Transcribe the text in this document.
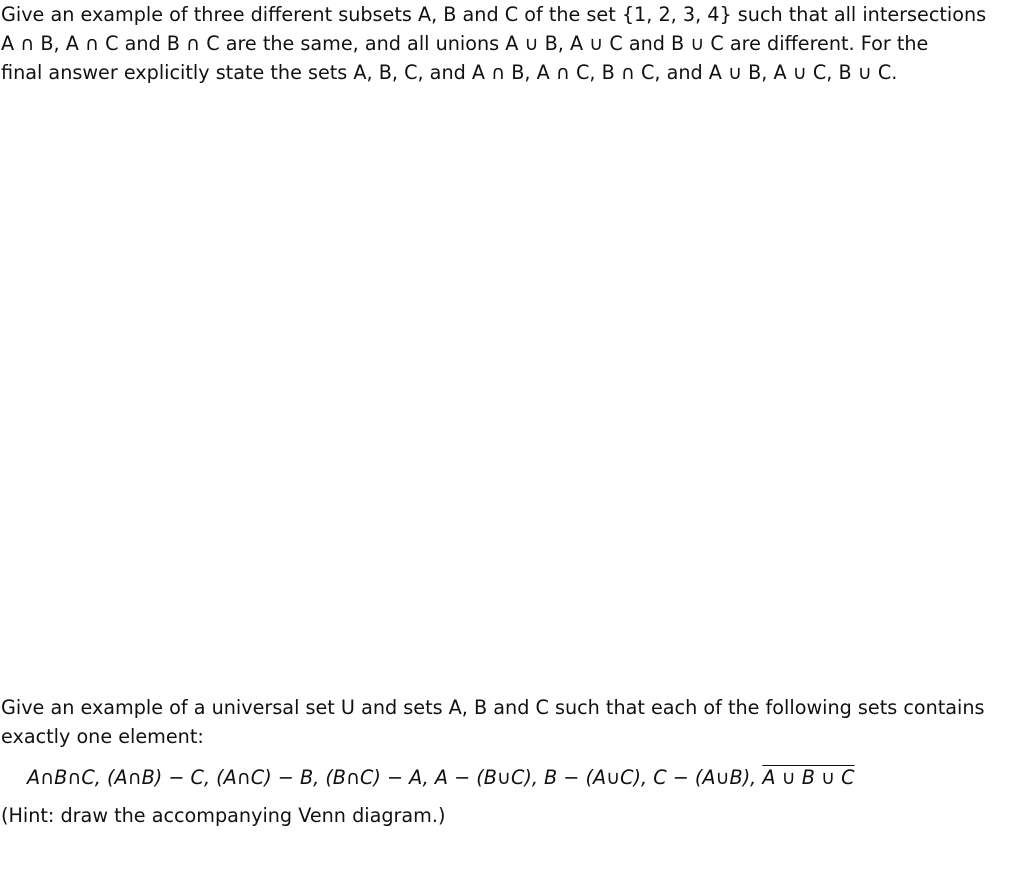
Give an example of three different subsets A, B and C of the set {1, 2, 3, 4} such that all intersections

A ∩ B, A ∩ C and B ∩ C are the same, and all unions A ∪ B, A ∪ C and B ∪ C are different. For the

final answer explicitly state the sets A, B, C, and A ∩ B, A ∩ C, B ∩ C, and A ∪ B, A ∪ C, B ∪ C.

Give an example of a universal set U and sets A, B and C such that each of the following sets contains

exactly one element:

A∩B∩C, (A∩B) − C, (A∩C) − B, (B∩C) − A, A − (B∪C), B − (A∪C), C − (A∪B), A ∪ B ∪ C

(Hint: draw the accompanying Venn diagram.)
